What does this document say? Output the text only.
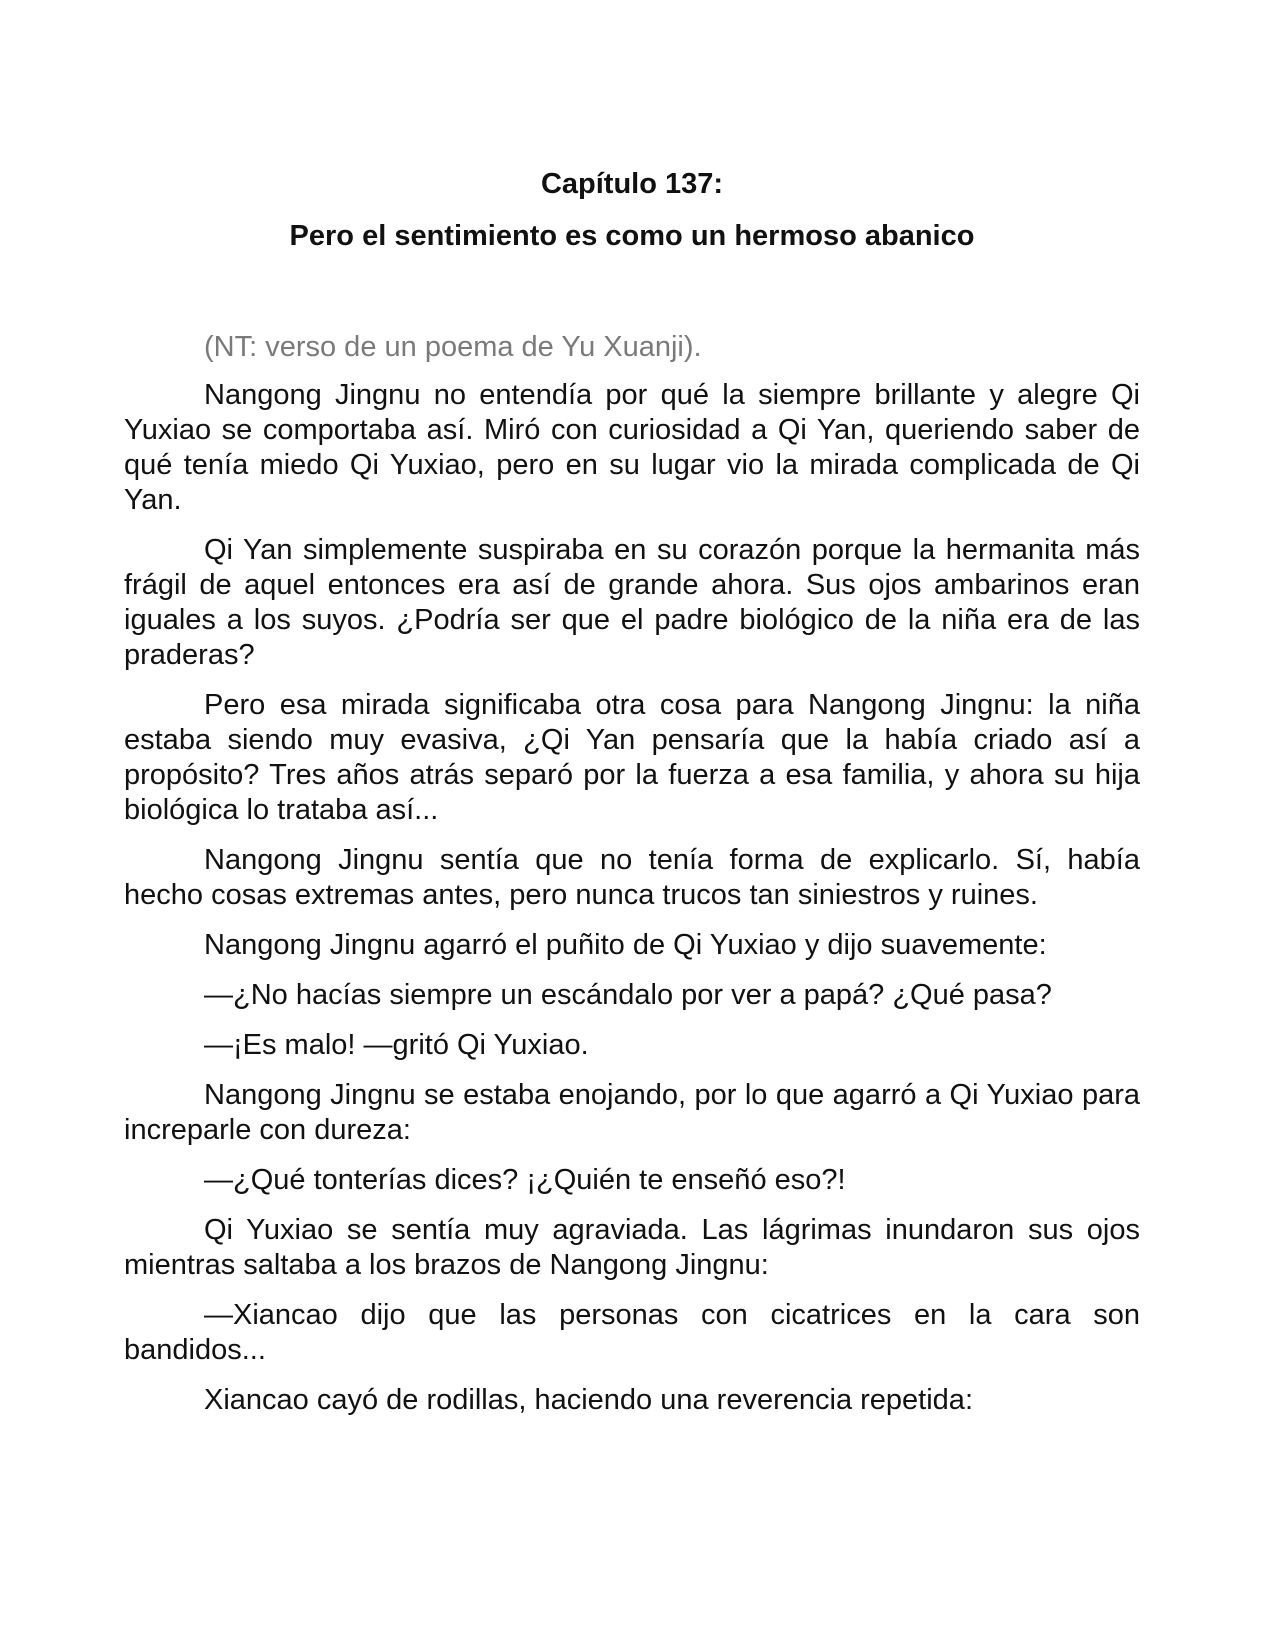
Capítulo 137:
Pero el sentimiento es como un hermoso abanico

(NT: verso de un poema de Yu Xuanji).

Nangong Jingnu no entendía por qué la siempre brillante y alegre Qi Yuxiao se comportaba así. Miró con curiosidad a Qi Yan, queriendo saber de qué tenía miedo Qi Yuxiao, pero en su lugar vio la mirada complicada de Qi Yan.

Qi Yan simplemente suspiraba en su corazón porque la hermanita más frágil de aquel entonces era así de grande ahora. Sus ojos ambarinos eran iguales a los suyos. ¿Podría ser que el padre biológico de la niña era de las praderas?

Pero esa mirada significaba otra cosa para Nangong Jingnu: la niña estaba siendo muy evasiva, ¿Qi Yan pensaría que la había criado así a propósito? Tres años atrás separó por la fuerza a esa familia, y ahora su hija biológica lo trataba así...

Nangong Jingnu sentía que no tenía forma de explicarlo. Sí, había hecho cosas extremas antes, pero nunca trucos tan siniestros y ruines.

Nangong Jingnu agarró el puñito de Qi Yuxiao y dijo suavemente:

—¿No hacías siempre un escándalo por ver a papá? ¿Qué pasa?

—¡Es malo! —gritó Qi Yuxiao.

Nangong Jingnu se estaba enojando, por lo que agarró a Qi Yuxiao para increparle con dureza:

—¿Qué tonterías dices? ¡¿Quién te enseñó eso?!

Qi Yuxiao se sentía muy agraviada. Las lágrimas inundaron sus ojos mientras saltaba a los brazos de Nangong Jingnu:

—Xiancao dijo que las personas con cicatrices en la cara son bandidos...

Xiancao cayó de rodillas, haciendo una reverencia repetida:
